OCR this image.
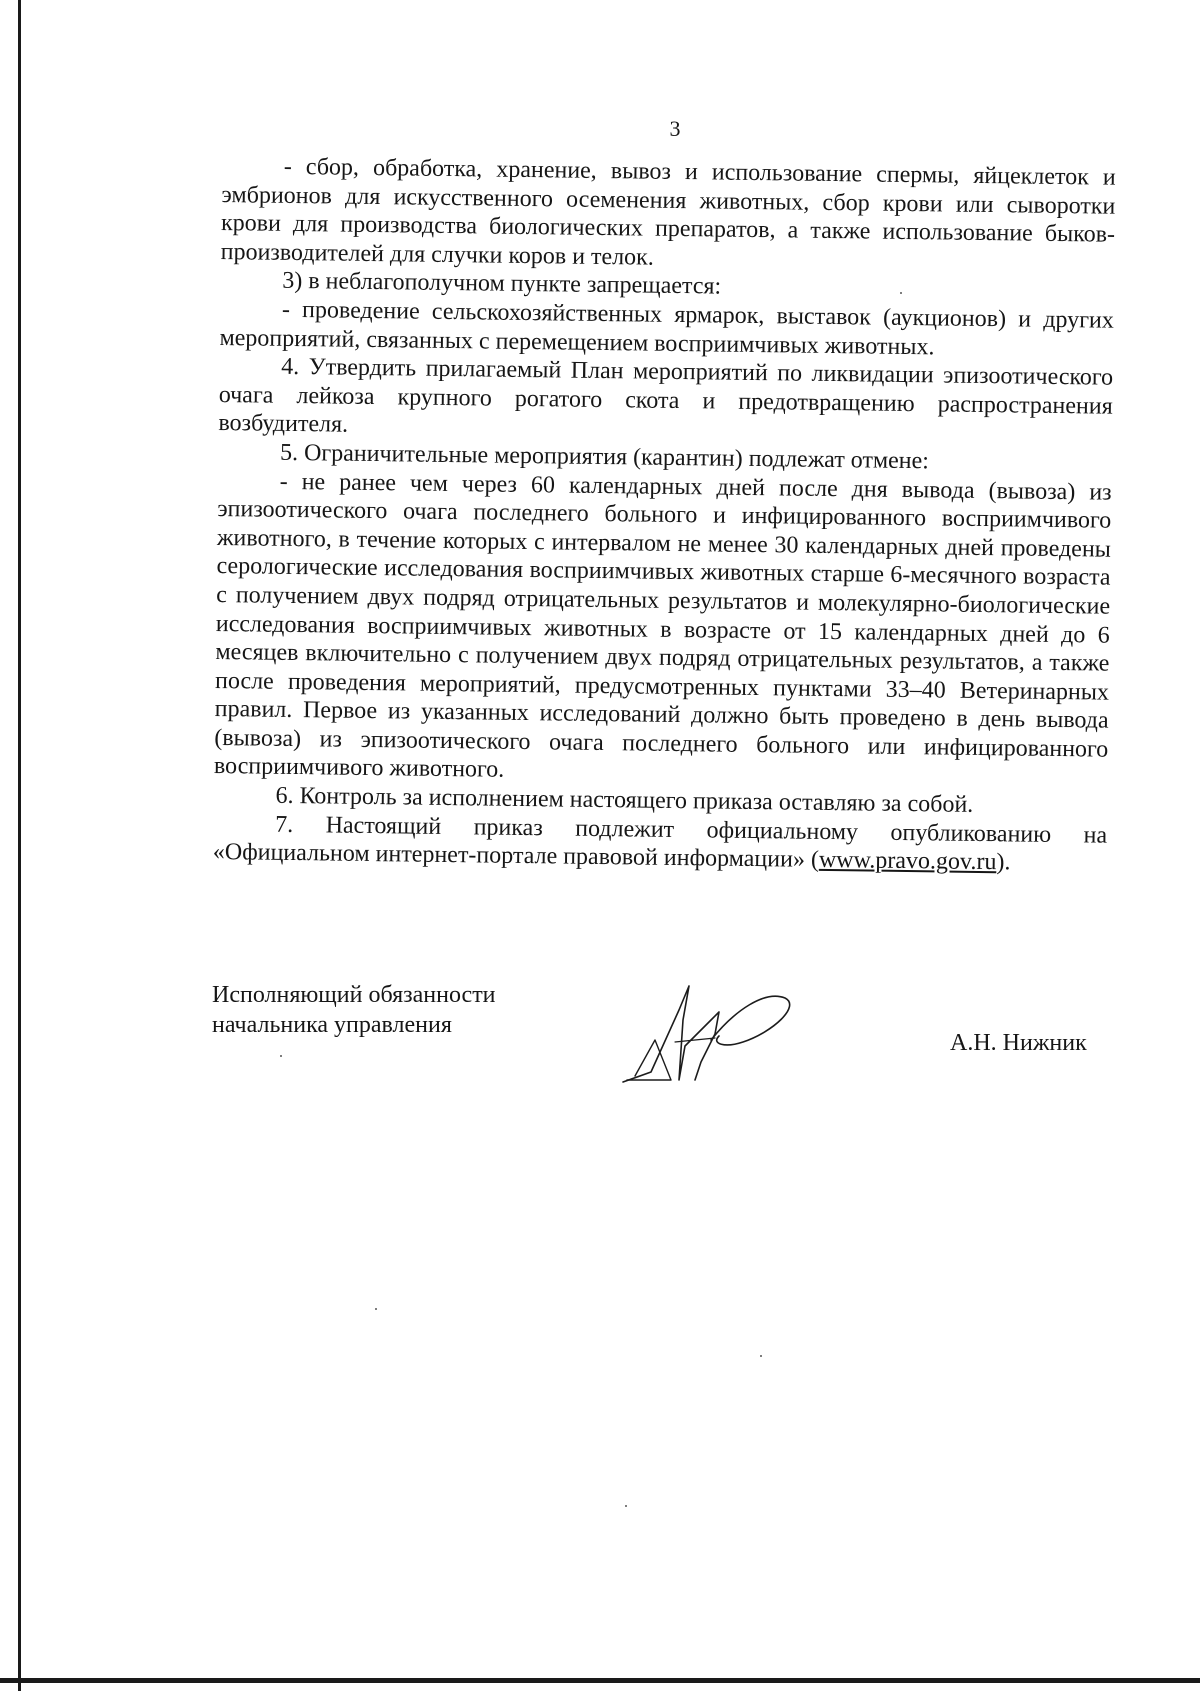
3

- сбор, обработка, хранение, вывоз и использование спермы, яйцеклеток и эмбрионов для искусственного осеменения животных, сбор крови или сыворотки крови для производства биологических препаратов, а также использование быков-производителей для случки коров и телок.

3) в неблагополучном пункте запрещается:

- проведение сельскохозяйственных ярмарок, выставок (аукционов) и других мероприятий, связанных с перемещением восприимчивых животных.

4. Утвердить прилагаемый План мероприятий по ликвидации эпизоотического очага лейкоза крупного рогатого скота и предотвращению распространения возбудителя.

5. Ограничительные мероприятия (карантин) подлежат отмене:

- не ранее чем через 60 календарных дней после дня вывода (вывоза) из эпизоотического очага последнего больного и инфицированного восприимчивого животного, в течение которых с интервалом не менее 30 календарных дней проведены серологические исследования восприимчивых животных старше 6-месячного возраста с получением двух подряд отрицательных результатов и молекулярно-биологические исследования восприимчивых животных в возрасте от 15 календарных дней до 6 месяцев включительно с получением двух подряд отрицательных результатов, а также после проведения мероприятий, предусмотренных пунктами 33–40 Ветеринарных правил. Первое из указанных исследований должно быть проведено в день вывода (вывоза) из эпизоотического очага последнего больного или инфицированного восприимчивого животного.

6. Контроль за исполнением настоящего приказа оставляю за собой.

7. Настоящий приказ подлежит официальному опубликованию на «Официальном интернет-портале правовой информации» (www.pravo.gov.ru).

Исполняющий обязанности
начальника управления
А.Н. Нижник
